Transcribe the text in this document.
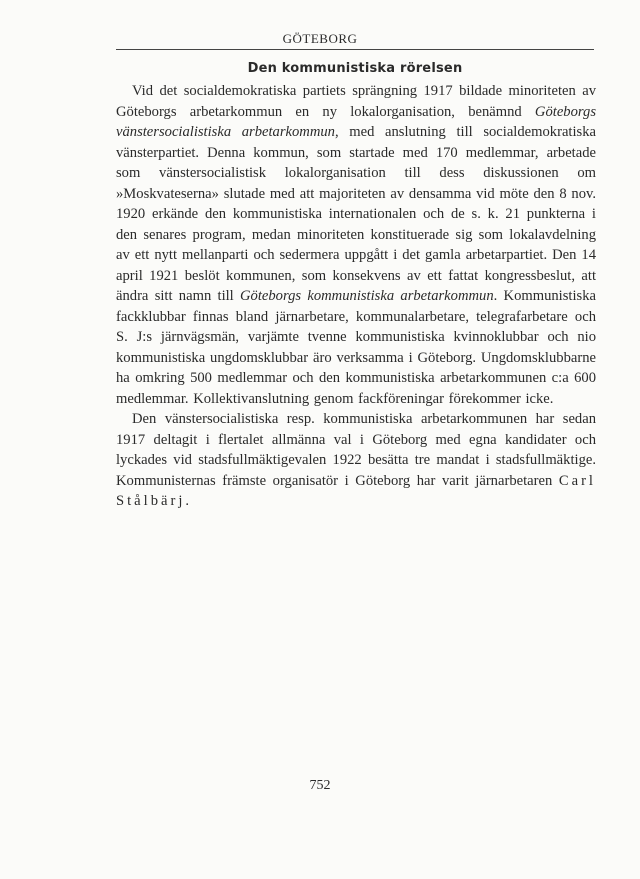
GÖTEBORG
Den kommunistiska rörelsen

Vid det socialdemokratiska partiets sprängning 1917 bildade minoriteten av Göteborgs arbetarkommun en ny lokalorganisation, benämnd Göteborgs vänstersocialistiska arbetarkommun, med anslutning till socialdemokratiska vänsterpartiet. Denna kommun, som startade med 170 medlemmar, arbetade som vänstersocialistisk lokalorganisation till dess diskussionen om »Moskvateserna» slutade med att majoriteten av densamma vid möte den 8 nov. 1920 erkände den kommunistiska internationalen och de s. k. 21 punkterna i den senares program, medan minoriteten konstituerade sig som lokalavdelning av ett nytt mellanparti och sedermera uppgått i det gamla arbetarpartiet. Den 14 april 1921 beslöt kommunen, som konsekvens av ett fattat kongressbeslut, att ändra sitt namn till Göteborgs kommunistiska arbetarkommun. Kommunistiska fackklubbar finnas bland järnarbetare, kommunalarbetare, telegrafarbetare och S. J:s järnvägsmän, varjämte tvenne kommunistiska kvinnoklubbar och nio kommunistiska ungdomsklubbar äro verksamma i Göteborg. Ungdomsklubbarne ha omkring 500 medlemmar och den kommunistiska arbetarkommunen c:a 600 medlemmar. Kollektivanslutning genom fackföreningar förekommer icke.

Den vänstersocialistiska resp. kommunistiska arbetarkommunen har sedan 1917 deltagit i flertalet allmänna val i Göteborg med egna kandidater och lyckades vid stadsfullmäktigevalen 1922 besätta tre mandat i stadsfullmäktige. Kommunisternas främste organisatör i Göteborg har varit järnarbetaren Carl Stålbärj.

752
